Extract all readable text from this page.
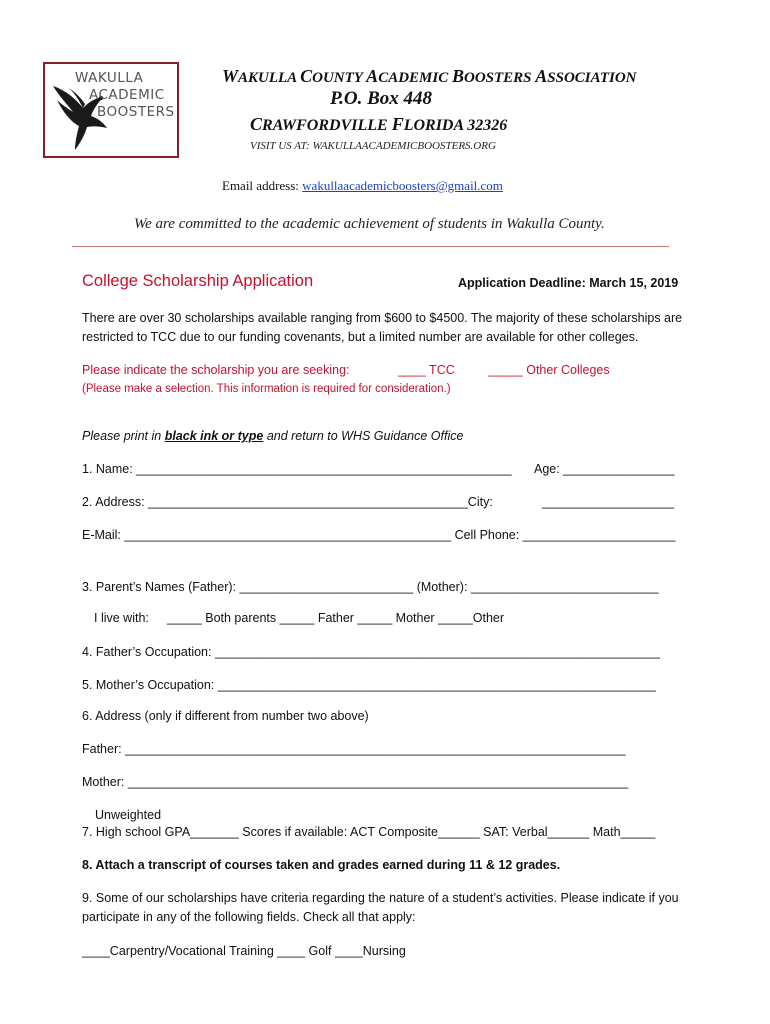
WAKULLA
ACADEMIC
BOOSTERS
WAKULLA COUNTY ACADEMIC BOOSTERS ASSOCIATION
P.O. Box 448
CRAWFORDVILLE FLORIDA 32326
VISIT US AT: WAKULLAACADEMICBOOSTERS.ORG
Email address: wakullaacademicboosters@gmail.com
We are committed to the academic achievement of students in Wakulla County.
College Scholarship Application	Application Deadline: March 15, 2019
There are over 30 scholarships available ranging from $600 to $4500. The majority of these scholarships are
restricted to TCC due to our funding covenants, but a limited number are available for other colleges.
Please indicate the scholarship you are seeking:	____ TCC	_____ Other Colleges
(Please make a selection. This information is required for consideration.)
Please print in black ink or type and return to WHS Guidance Office
1. Name: ______________________________________________________ Age: ________________
2. Address: ______________________________________________City:	___________________
E-Mail: _______________________________________________ Cell Phone: ______________________
3. Parent’s Names (Father): _________________________ (Mother): ___________________________
I live with: _____ Both parents _____ Father _____ Mother _____Other
4. Father’s Occupation: ________________________________________________________________
5. Mother’s Occupation: _______________________________________________________________
6. Address (only if different from number two above)
Father: ________________________________________________________________________
Mother: ________________________________________________________________________
Unweighted
7. High school GPA_______ Scores if available: ACT Composite______ SAT: Verbal______ Math_____
8. Attach a transcript of courses taken and grades earned during 11 & 12 grades.
9. Some of our scholarships have criteria regarding the nature of a student’s activities. Please indicate if you
participate in any of the following fields. Check all that apply:
____Carpentry/Vocational Training ____ Golf ____Nursing
